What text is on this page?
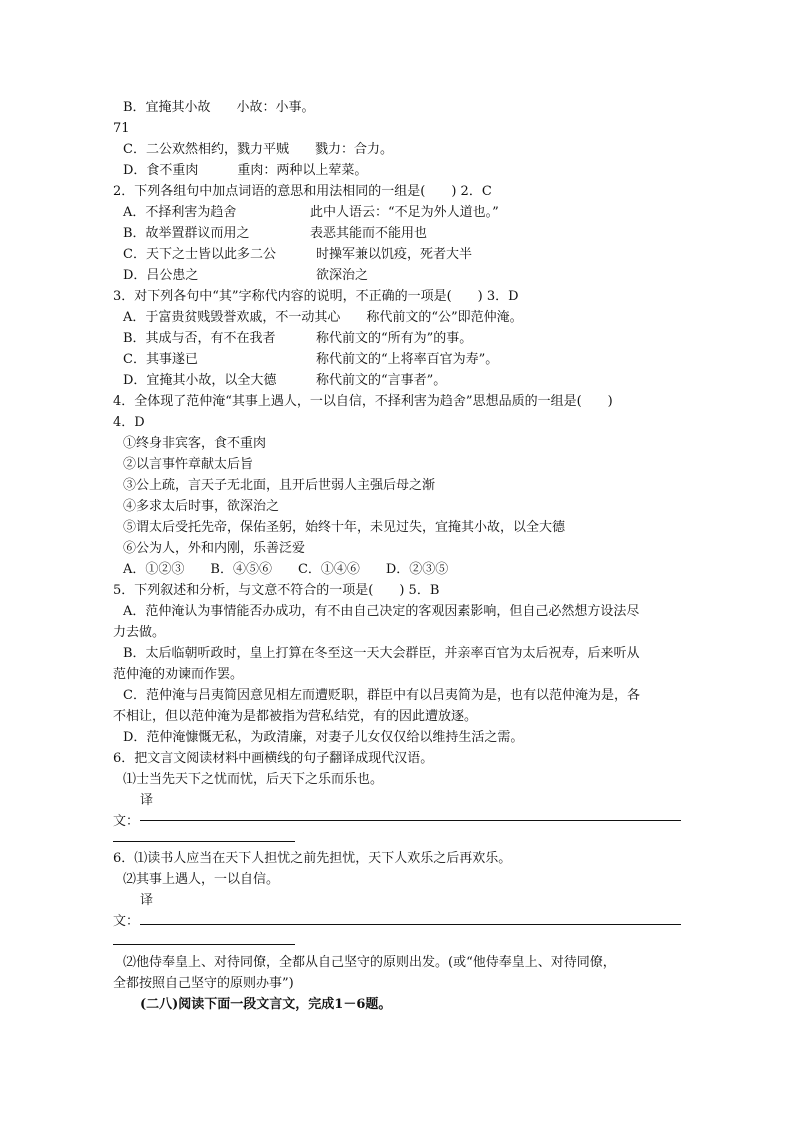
B．宜掩其小故　　小故：小事。
71
C．二公欢然相约，戮力平贼　　戮力：合力。
D．食不重肉　　　重肉：两种以上荤菜。
2．下列各组句中加点词语的意思和用法相同的一组是(　　) 2．C
A．不择利害为趋舍	此中人语云：“不足为外人道也。”
B．故举置群议而用之	表恶其能而不能用也
C．天下之士皆以此多二公	时操军兼以饥疫，死者大半
D．吕公患之	欲深治之
3．对下列各句中“其”字称代内容的说明，不正确的一项是(　　) 3．D
A．于富贵贫贱毁誉欢戚，不一动其心　　称代前文的“公”即范仲淹。
B．其成与否，有不在我者	称代前文的“所有为”的事。
C．其事遂已	称代前文的“上将率百官为寿”。
D．宜掩其小故，以全大德	称代前文的“言事者”。
4．全体现了范仲淹“其事上遇人，一以自信，不择利害为趋舍”思想品质的一组是(　　)
4．D
①终身非宾客，食不重肉
②以言事忤章献太后旨
③公上疏，言天子无北面，且开后世弱人主强后母之渐
④多求太后时事，欲深治之
⑤谓太后受托先帝，保佑圣躬，始终十年，未见过失，宜掩其小故，以全大德
⑥公为人，外和内刚，乐善泛爱
A．①②③　　B．④⑤⑥　　C．①④⑥　　D．②③⑤
5．下列叙述和分析，与文意不符合的一项是(　　) 5．B
A．范仲淹认为事情能否办成功，有不由自己决定的客观因素影响，但自己必然想方设法尽
力去做。
B．太后临朝听政时，皇上打算在冬至这一天大会群臣，并亲率百官为太后祝寿，后来听从
范仲淹的劝谏而作罢。
C．范仲淹与吕夷简因意见相左而遭贬职，群臣中有以吕夷简为是，也有以范仲淹为是，各
不相让，但以范仲淹为是都被指为营私结党，有的因此遭放逐。
D．范仲淹慷慨无私，为政清廉，对妻子儿女仅仅给以维持生活之需。
6．把文言文阅读材料中画横线的句子翻译成现代汉语。
⑴士当先天下之忧而忧，后天下之乐而乐也。
译
文：
6．⑴读书人应当在天下人担忧之前先担忧，天下人欢乐之后再欢乐。
⑵其事上遇人，一以自信。
译
文：
⑵他侍奉皇上、对待同僚，全都从自己坚守的原则出发。(或“他侍奉皇上、对待同僚，
全都按照自己坚守的原则办事”)
(二八)阅读下面一段文言文，完成1－6题。
